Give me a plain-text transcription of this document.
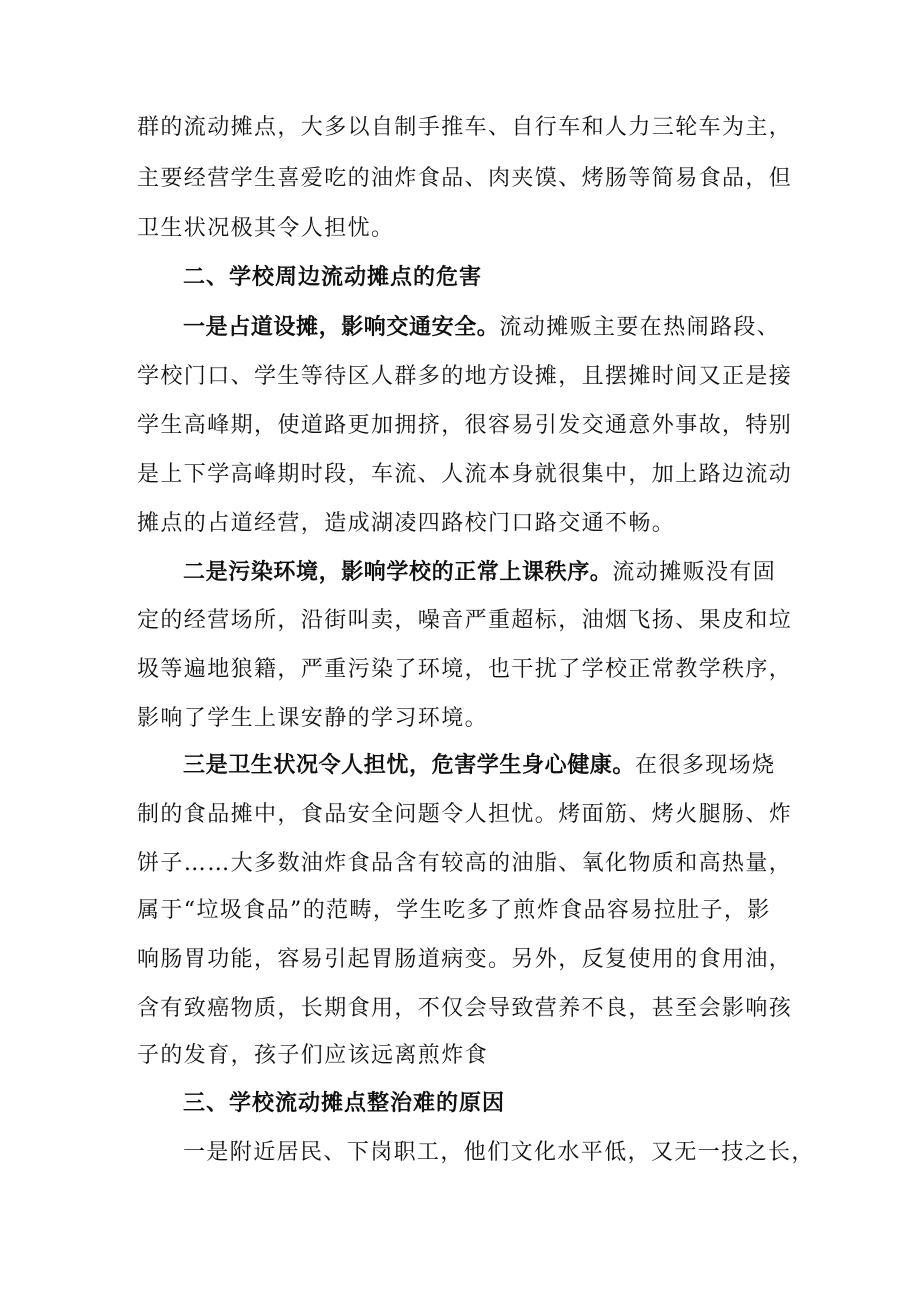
群的流动摊点，大多以自制手推车、自行车和人力三轮车为主，
主要经营学生喜爱吃的油炸食品、肉夹馍、烤肠等简易食品，但
卫生状况极其令人担忧。
二、学校周边流动摊点的危害
一是占道设摊，影响交通安全。流动摊贩主要在热闹路段、
学校门口、学生等待区人群多的地方设摊，且摆摊时间又正是接
学生高峰期，使道路更加拥挤，很容易引发交通意外事故，特别
是上下学高峰期时段，车流、人流本身就很集中，加上路边流动
摊点的占道经营，造成湖凌四路校门口路交通不畅。
二是污染环境，影响学校的正常上课秩序。流动摊贩没有固
定的经营场所，沿街叫卖，噪音严重超标，油烟飞扬、果皮和垃
圾等遍地狼籍，严重污染了环境，也干扰了学校正常教学秩序，
影响了学生上课安静的学习环境。
三是卫生状况令人担忧，危害学生身心健康。在很多现场烧
制的食品摊中，食品安全问题令人担忧。烤面筋、烤火腿肠、炸
饼子……大多数油炸食品含有较高的油脂、氧化物质和高热量，
属于“垃圾食品”的范畴，学生吃多了煎炸食品容易拉肚子，影
响肠胃功能，容易引起胃肠道病变。另外，反复使用的食用油，
含有致癌物质，长期食用，不仅会导致营养不良，甚至会影响孩
子的发育，孩子们应该远离煎炸食
三、学校流动摊点整治难的原因
一是附近居民、下岗职工，他们文化水平低，又无一技之长，
